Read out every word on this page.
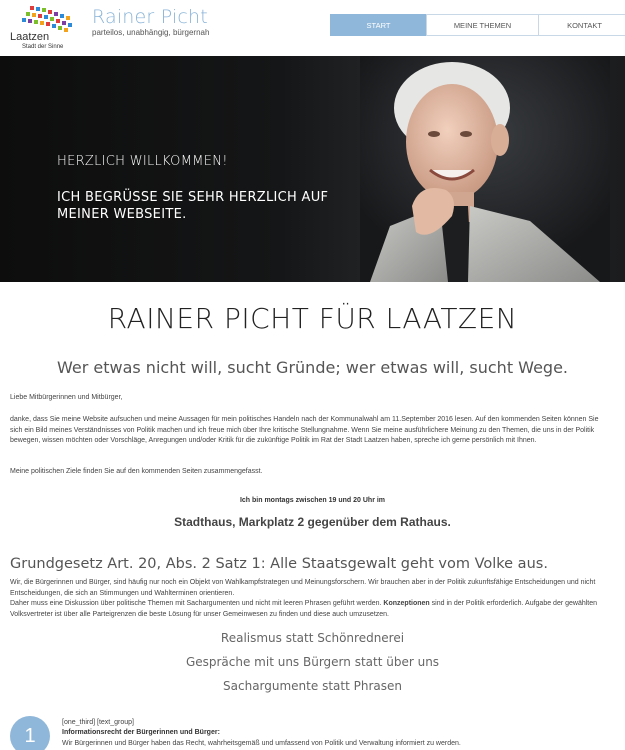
Laatzen
Stadt der Sinne
Rainer Picht
parteilos, unabhängig, bürgernah
START	MEINE THEMEN	KONTAKT
HERZLICH WILLKOMMEN!
ICH BEGRÜSSE SIE SEHR HERZLICH AUF MEINER WEBSEITE.
RAINER PICHT FÜR LAATZEN
Wer etwas nicht will, sucht Gründe; wer etwas will, sucht Wege.

Liebe Mitbürgerinnen und Mitbürger,

danke, dass Sie meine Website aufsuchen und meine Aussagen für mein politisches Handeln nach der Kommunalwahl am 11.September 2016 lesen. Auf den kommenden Seiten können Sie sich ein Bild meines Verständnisses von Politik machen und ich freue mich über Ihre kritische Stellungnahme. Wenn Sie meine ausführlichere Meinung zu den Themen, die uns in der Politik bewegen, wissen möchten oder Vorschläge, Anregungen und/oder Kritik für die zukünftige Politik im Rat der Stadt Laatzen haben, spreche ich gerne persönlich mit Ihnen.

Meine politischen Ziele finden Sie auf den kommenden Seiten zusammengefasst.

Ich bin montags zwischen 19 und 20 Uhr im
Stadthaus, Markplatz 2 gegenüber dem Rathaus.
Grundgesetz Art. 20, Abs. 2 Satz 1: Alle Staatsgewalt geht vom Volke aus.
Wir, die Bürgerinnen und Bürger, sind häufig nur noch ein Objekt von Wahlkampfstrategen und Meinungsforschern. Wir brauchen aber in der Politik zukunftsfähige Entscheidungen und nicht Entscheidungen, die sich an Stimmungen und Wahlterminen orientieren.
Daher muss eine Diskussion über politische Themen mit Sachargumenten und nicht mit leeren Phrasen geführt werden. Konzeptionen sind in der Politik erforderlich. Aufgabe der gewählten Volksvertreter ist über alle Parteigrenzen die beste Lösung für unser Gemeinwesen zu finden und diese auch umzusetzen.
Realismus statt Schönrednerei
Gespräche mit uns Bürgern statt über uns
Sachargumente statt Phrasen
1
[one_third] [text_group]
Informationsrecht der Bürgerinnen und Bürger:
Wir Bürgerinnen und Bürger haben das Recht, wahrheitsgemäß und umfassend von Politik und Verwaltung informiert zu werden.
